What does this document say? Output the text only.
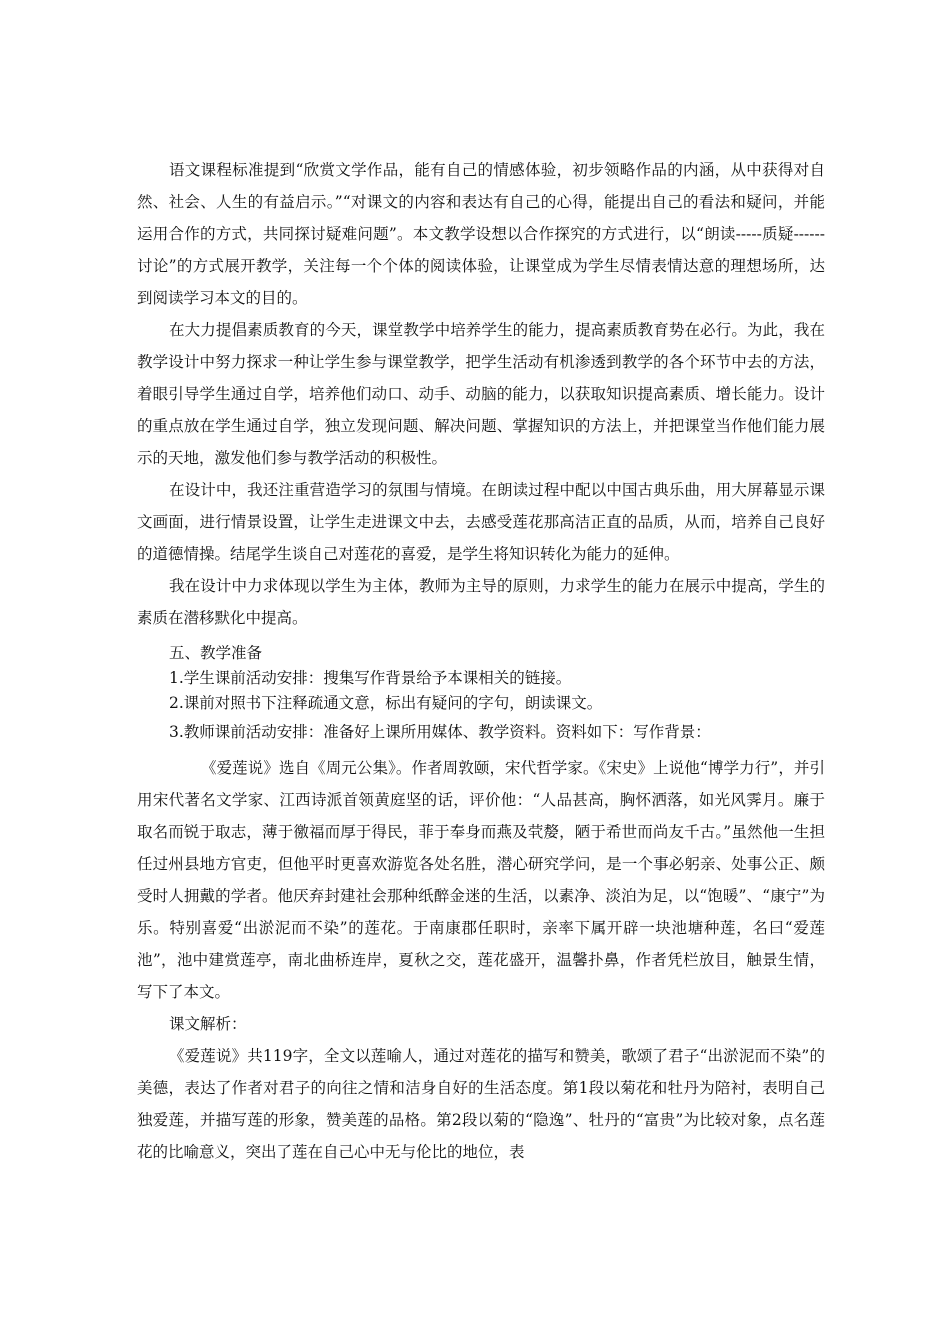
语文课程标准提到“欣赏文学作品，能有自己的情感体验，初步领略作品的内涵，从中获得对自然、社会、人生的有益启示。”“对课文的内容和表达有自己的心得，能提出自己的看法和疑问，并能运用合作的方式，共同探讨疑难问题”。本文教学设想以合作探究的方式进行，以“朗读-----质疑------讨论”的方式展开教学，关注每一个个体的阅读体验，让课堂成为学生尽情表情达意的理想场所，达到阅读学习本文的目的。

在大力提倡素质教育的今天，课堂教学中培养学生的能力，提高素质教育势在必行。为此，我在教学设计中努力探求一种让学生参与课堂教学，把学生活动有机渗透到教学的各个环节中去的方法，着眼引导学生通过自学，培养他们动口、动手、动脑的能力，以获取知识提高素质、增长能力。设计的重点放在学生通过自学，独立发现问题、解决问题、掌握知识的方法上，并把课堂当作他们能力展示的天地，激发他们参与教学活动的积极性。

在设计中，我还注重营造学习的氛围与情境。在朗读过程中配以中国古典乐曲，用大屏幕显示课文画面，进行情景设置，让学生走进课文中去，去感受莲花那高洁正直的品质，从而，培养自己良好的道德情操。结尾学生谈自己对莲花的喜爱，是学生将知识转化为能力的延伸。

我在设计中力求体现以学生为主体，教师为主导的原则，力求学生的能力在展示中提高，学生的素质在潜移默化中提高。

五、教学准备

1.学生课前活动安排：搜集写作背景给予本课相关的链接。

2.课前对照书下注释疏通文意，标出有疑问的字句，朗读课文。

3.教师课前活动安排：准备好上课所用媒体、教学资料。资料如下：写作背景：

《爱莲说》选自《周元公集》。作者周敦颐，宋代哲学家。《宋史》上说他“博学力行”，并引用宋代著名文学家、江西诗派首领黄庭坚的话，评价他：“人品甚高，胸怀洒落，如光风霁月。廉于取名而锐于取志，薄于徼福而厚于得民，菲于奉身而燕及茕嫠，陋于希世而尚友千古。”虽然他一生担任过州县地方官吏，但他平时更喜欢游览各处名胜，潜心研究学问，是一个事必躬亲、处事公正、颇受时人拥戴的学者。他厌弃封建社会那种纸醉金迷的生活，以素净、淡泊为足，以“饱暖”、“康宁”为乐。特别喜爱“出淤泥而不染”的莲花。于南康郡任职时，亲率下属开辟一块池塘种莲，名曰“爱莲池”，池中建赏莲亭，南北曲桥连岸，夏秋之交，莲花盛开，温馨扑鼻，作者凭栏放目，触景生情，写下了本文。

课文解析：

《爱莲说》共119字，全文以莲喻人，通过对莲花的描写和赞美，歌颂了君子“出淤泥而不染”的美德，表达了作者对君子的向往之情和洁身自好的生活态度。第1段以菊花和牡丹为陪衬，表明自己独爱莲，并描写莲的形象，赞美莲的品格。第2段以菊的“隐逸”、牡丹的“富贵”为比较对象，点名莲花的比喻意义，突出了莲在自己心中无与伦比的地位，表
